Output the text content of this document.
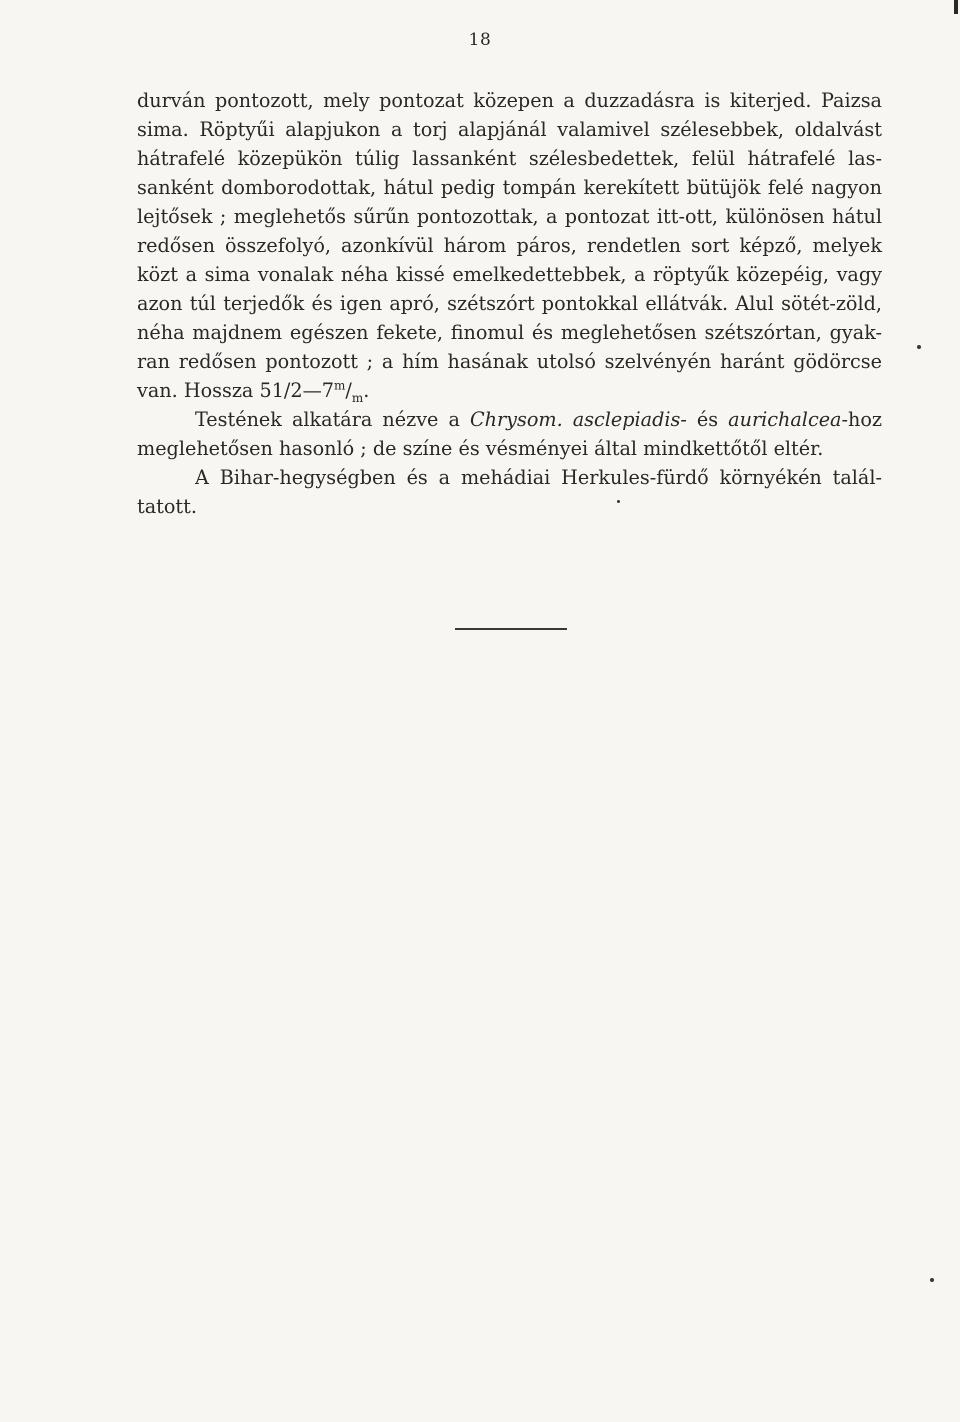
18
durván pontozott, mely pontozat közepen a duzzadásra is kiterjed. Paizsa
sima. Röptyűi alapjukon a torj alapjánál valamivel szélesebbek, oldalvást
hátrafelé közepükön túlig lassanként szélesbedettek, felül hátrafelé las-
sanként domborodottak, hátul pedig tompán kerekített bütüjök felé nagyon
lejtősek ; meglehetős sűrűn pontozottak, a pontozat itt-ott, különösen hátul
redősen összefolyó, azonkívül három páros, rendetlen sort képző, melyek
közt a sima vonalak néha kissé emelkedettebbek, a röptyűk közepéig, vagy
azon túl terjedők és igen apró, szétszórt pontokkal ellátvák. Alul sötét-zöld,
néha majdnem egészen fekete, finomul és meglehetősen szétszórtan, gyak-
ran redősen pontozott ; a hím hasának utolsó szelvényén haránt gödörcse
van. Hossza $51/2—7^m/_m$.
Testének alkatára nézve a Chrysom. asclepiadis- és aurichalcea-hoz
meglehetősen hasonló ; de színe és vésményei által mindkettőtől eltér.
A Bihar-hegységben és a mehádiai Herkules-fürdő környékén talál-
tatott.
